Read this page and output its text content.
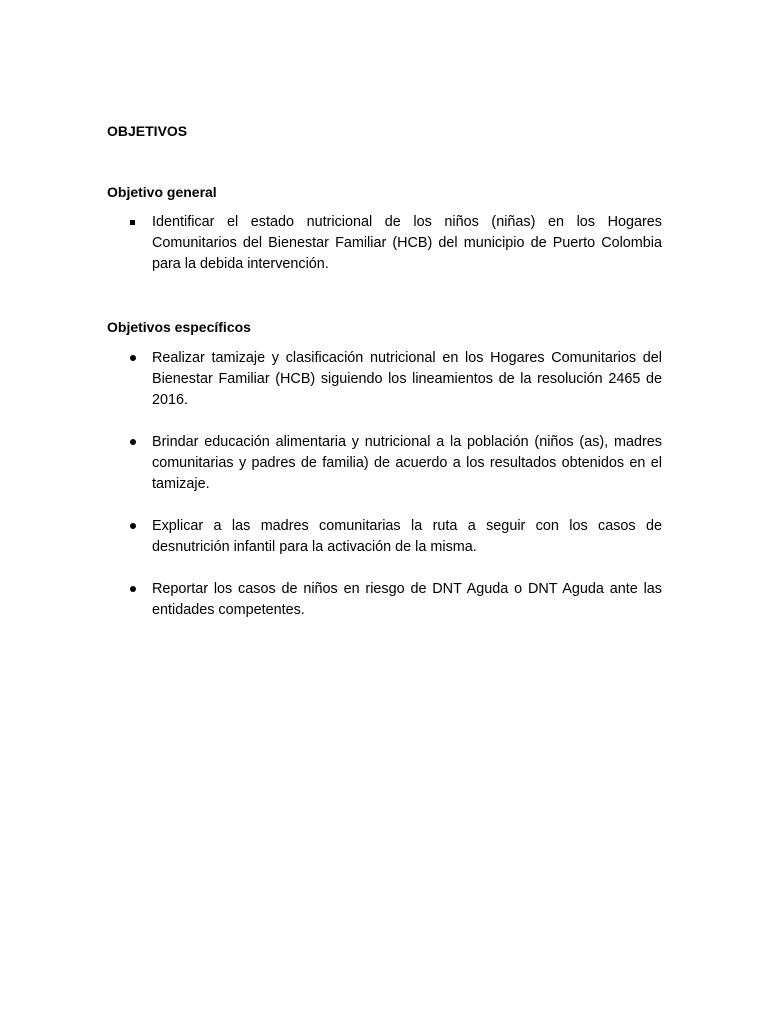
OBJETIVOS
Objetivo general
Identificar el estado nutricional de los niños (niñas) en los Hogares Comunitarios del Bienestar Familiar (HCB) del municipio de Puerto Colombia para la debida intervención.
Objetivos específicos
Realizar tamizaje y clasificación nutricional en los Hogares Comunitarios del Bienestar Familiar (HCB) siguiendo los lineamientos de la resolución 2465 de 2016.
Brindar educación alimentaria y nutricional a la población (niños (as), madres comunitarias y padres de familia) de acuerdo a los resultados obtenidos en el tamizaje.
Explicar a las madres comunitarias la ruta a seguir con los casos de desnutrición infantil para la activación de la misma.
Reportar los casos de niños en riesgo de DNT Aguda o DNT Aguda ante las entidades competentes.
